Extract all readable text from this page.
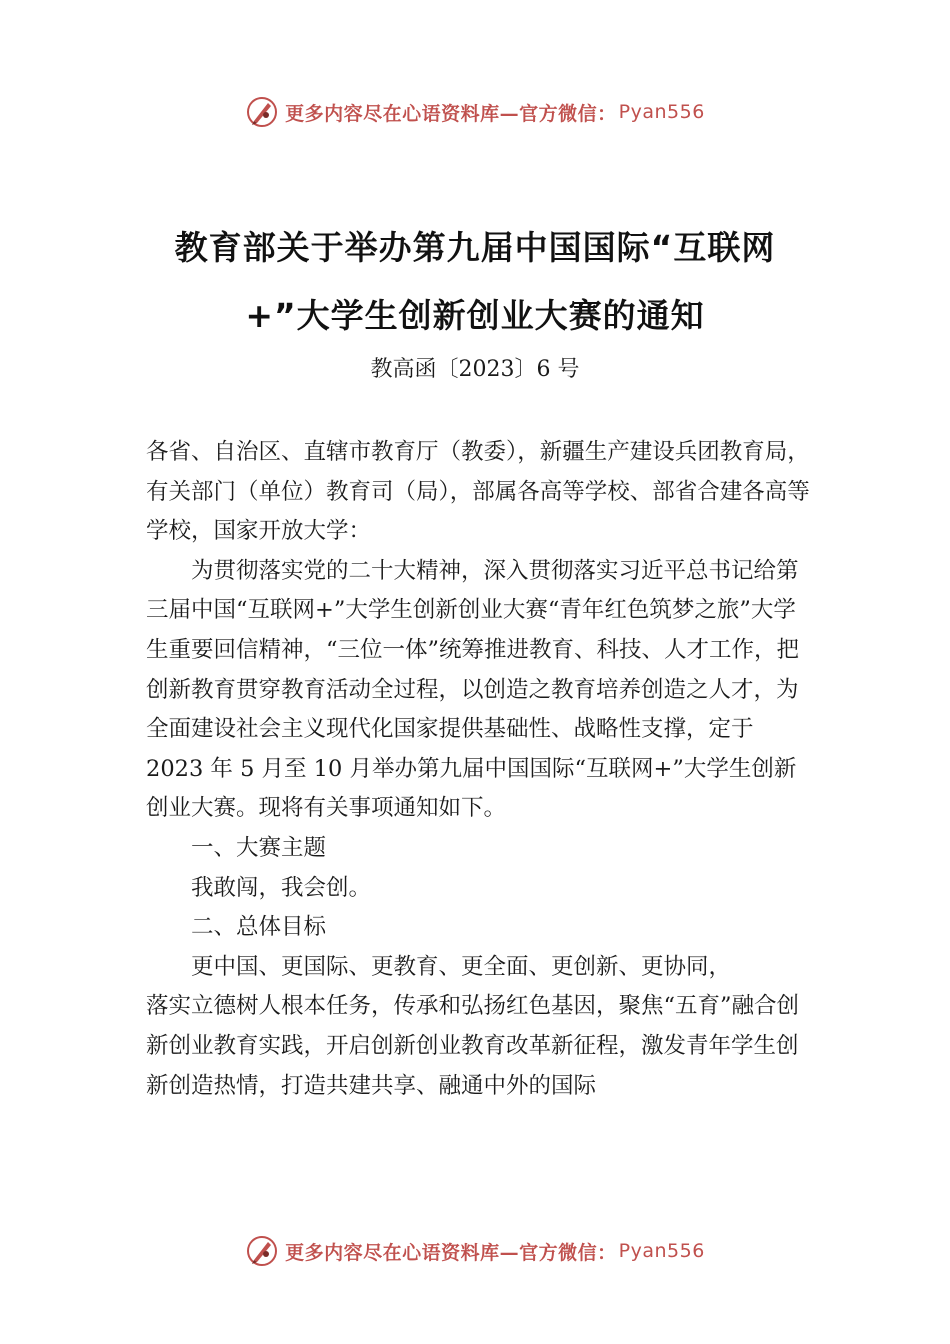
更多内容尽在心语资料库—官方微信： Pyan556
教育部关于举办第九届中国国际“互联网
+”大学生创新创业大赛的通知
教高函〔2023〕6 号

各省、自治区、直辖市教育厅（教委），新疆生产建设兵团教育局，有关部门（单位）教育司（局），部属各高等学校、部省合建各高等学校，国家开放大学：

为贯彻落实党的二十大精神，深入贯彻落实习近平总书记给第三届中国“互联网+”大学生创新创业大赛“青年红色筑梦之旅”大学生重要回信精神，“三位一体”统筹推进教育、科技、人才工作，把创新教育贯穿教育活动全过程，以创造之教育培养创造之人才，为全面建设社会主义现代化国家提供基础性、战略性支撑，定于 2023 年 5 月至 10 月举办第九届中国国际“互联网+”大学生创新创业大赛。现将有关事项通知如下。

一、大赛主题

我敢闯，我会创。

二、总体目标

更中国、更国际、更教育、更全面、更创新、更协同，

落实立德树人根本任务，传承和弘扬红色基因，聚焦“五育”融合创新创业教育实践，开启创新创业教育改革新征程，激发青年学生创新创造热情，打造共建共享、融通中外的国际

更多内容尽在心语资料库—官方微信： Pyan556
